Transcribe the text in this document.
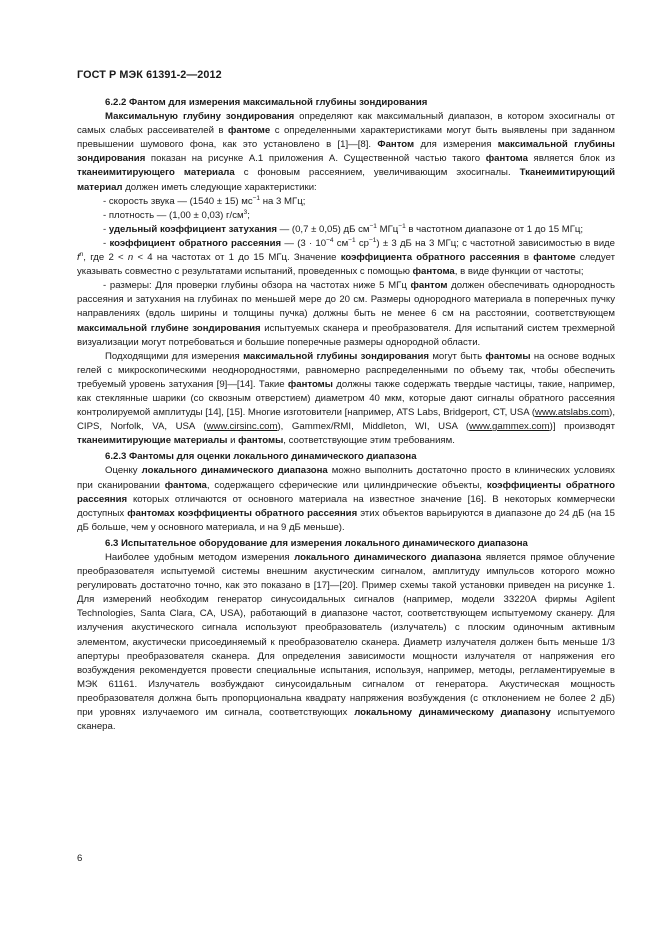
ГОСТ Р МЭК 61391-2—2012

6.2.2 Фантом для измерения максимальной глубины зондирования

Максимальную глубину зондирования определяют как максимальный диапазон, в котором эхосигналы от самых слабых рассеивателей в фантоме с определенными характеристиками могут быть выявлены при заданном превышении шумового фона, как это установлено в [1]—[8]. Фантом для измерения максимальной глубины зондирования показан на рисунке А.1 приложения А. Существенной частью такого фантома является блок из тканеимитирующего материала с фоновым рассеянием, увеличивающим эхосигналы. Тканеимитирующий материал должен иметь следующие характеристики:

- скорость звука — (1540 ± 15) $мс^{-1}$ на 3 МГц;

- плотность — (1,00 ± 0,03) $г/см^3$;

- удельный коэффициент затухания — (0,7 ± 0,05) дБ $см^{-1}$ МГц$^{-1}$ в частотном диапазоне от 1 до 15 МГц;

- коэффициент обратного рассеяния — ($3 \cdot 10^{-4}$ $см^{-1}$ $ср^{-1}) \pm 3$ дБ на 3 МГц; с частотной зависимостью в виде $f^n$, где 2 < n < 4 на частотах от 1 до 15 МГц. Значение коэффициента обратного рассеяния в фантоме следует указывать совместно с результатами испытаний, проведенных с помощью фантома, в виде функции от частоты;

- размеры: Для проверки глубины обзора на частотах ниже 5 МГц фантом должен обеспечивать однородность рассеяния и затухания на глубинах по меньшей мере до 20 см. Размеры однородного материала в поперечных пучку направлениях (вдоль ширины и толщины пучка) должны быть не менее 6 см на расстоянии, соответствующем максимальной глубине зондирования испытуемых сканера и преобразователя. Для испытаний систем трехмерной визуализации могут потребоваться и большие поперечные размеры однородной области.

Подходящими для измерения максимальной глубины зондирования могут быть фантомы на основе водных гелей с микроскопическими неоднородностями, равномерно распределенными по объему так, чтобы обеспечить требуемый уровень затухания [9]—[14]. Такие фантомы должны также содержать твердые частицы, такие, например, как стеклянные шарики (со сквозным отверстием) диаметром 40 мкм, которые дают сигналы обратного рассеяния контролируемой амплитуды [14], [15]. Многие изготовители [например, ATS Labs, Bridgeport, CT, USA (www.atslabs.com), CIPS, Norfolk, VA, USA (www.cirsinc.com), Gammex/RMI, Middleton, WI, USA (www.gammex.com)] производят тканеимитирующие материалы и фантомы, соответствующие этим требованиям.

6.2.3 Фантомы для оценки локального динамического диапазона

Оценку локального динамического диапазона можно выполнить достаточно просто в клинических условиях при сканировании фантома, содержащего сферические или цилиндрические объекты, коэффициенты обратного рассеяния которых отличаются от основного материала на известное значение [16]. В некоторых коммерчески доступных фантомах коэффициенты обратного рассеяния этих объектов варьируются в диапазоне до 24 дБ (на 15 дБ больше, чем у основного материала, и на 9 дБ меньше).

6.3 Испытательное оборудование для измерения локального динамического диапазона

Наиболее удобным методом измерения локального динамического диапазона является прямое облучение преобразователя испытуемой системы внешним акустическим сигналом, амплитуду импульсов которого можно регулировать достаточно точно, как это показано в [17]—[20]. Пример схемы такой установки приведен на рисунке 1. Для измерений необходим генератор синусоидальных сигналов (например, модели 33220A фирмы Agilent Technologies, Santa Clara, CA, USA), работающий в диапазоне частот, соответствующем испытуемому сканеру. Для излучения акустического сигнала используют преобразователь (излучатель) с плоским одиночным активным элементом, акустически присоединяемый к преобразователю сканера. Диаметр излучателя должен быть меньше 1/3 апертуры преобразователя сканера. Для определения зависимости мощности излучателя от напряжения его возбуждения рекомендуется провести специальные испытания, используя, например, методы, регламентируемые в МЭК 61161. Излучатель возбуждают синусоидальным сигналом от генератора. Акустическая мощность преобразователя должна быть пропорциональна квадрату напряжения возбуждения (с отклонением не более 2 дБ) при уровнях излучаемого им сигнала, соответствующих локальному динамическому диапазону испытуемого сканера.

6
